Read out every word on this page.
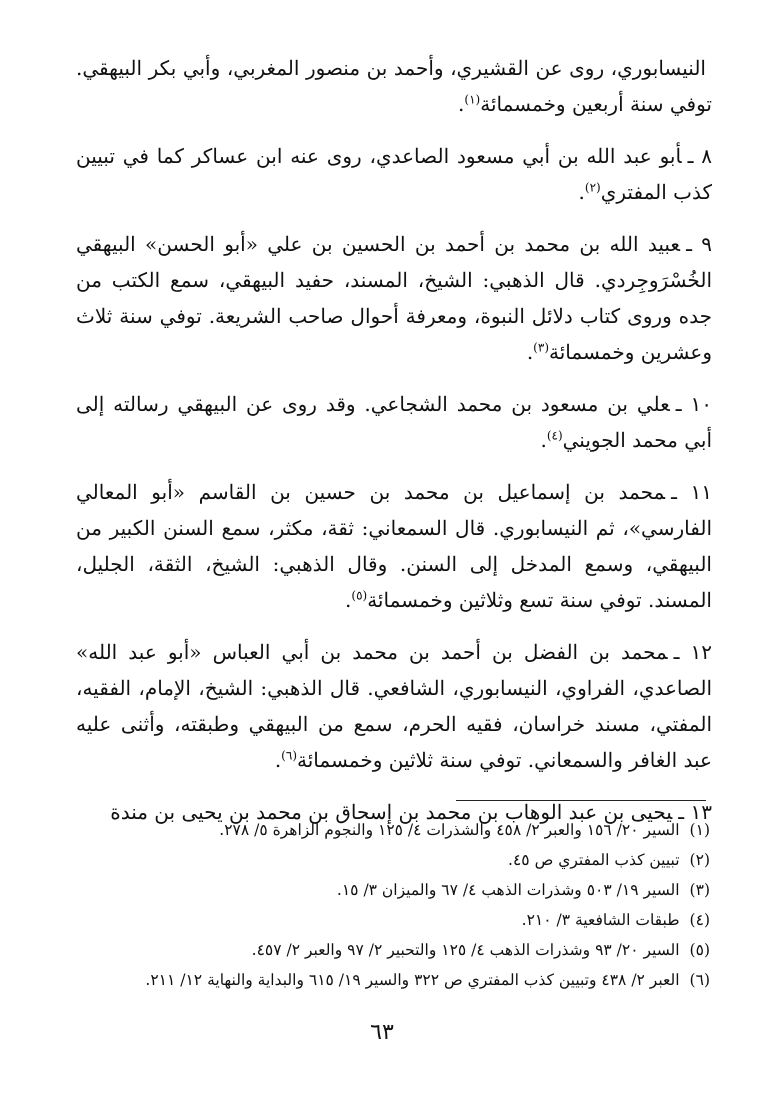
النيسابوري، روى عن القشيري، وأحمد بن منصور المغربي، وأبي بكر البيهقي. توفي سنة أربعين وخمسمائة$^{(١)}$.

٨ ـأبو عبد الله بن أبي مسعود الصاعدي، روى عنه ابن عساكر كما في تبيين كذب المفتري$^{(٢)}$.

٩ ـعبيد الله بن محمد بن أحمد بن الحسين بن علي «أبو الحسن» البيهقي الخُسْرَوجِردي. قال الذهبي: الشيخ، المسند، حفيد البيهقي، سمع الكتب من جده وروى كتاب دلائل النبوة، ومعرفة أحوال صاحب الشريعة. توفي سنة ثلاث وعشرين وخمسمائة$^{(٣)}$.

١٠ ـعلي بن مسعود بن محمد الشجاعي. وقد روى عن البيهقي رسالته إلى أبي محمد الجويني$^{(٤)}$.

١١ ـمحمد بن إسماعيل بن محمد بن حسين بن القاسم «أبو المعالي الفارسي»، ثم النيسابوري. قال السمعاني: ثقة، مكثر، سمع السنن الكبير من البيهقي، وسمع المدخل إلى السنن. وقال الذهبي: الشيخ، الثقة، الجليل، المسند. توفي سنة تسع وثلاثين وخمسمائة$^{(٥)}$.

١٢ ـمحمد بن الفضل بن أحمد بن محمد بن أبي العباس «أبو عبد الله» الصاعدي، الفراوي، النيسابوري، الشافعي. قال الذهبي: الشيخ، الإمام، الفقيه، المفتي، مسند خراسان، فقيه الحرم، سمع من البيهقي وطبقته، وأثنى عليه عبد الغافر والسمعاني. توفي سنة ثلاثين وخمسمائة$^{(٦)}$.

١٣ ـيحيى بن عبد الوهاب بن محمد بن إسحاق بن محمد بن يحيى بن مندة

(١)السير ٢٠/ ١٥٦ والعبر ٢/ ٤٥٨ والشذرات ٤/ ١٢٥ والنجوم الزاهرة ٥/ ٢٧٨.
(٢)تبيين كذب المفتري ص ٤٥.
(٣)السير ١٩/ ٥٠٣ وشذرات الذهب ٤/ ٦٧ والميزان ٣/ ١٥.
(٤)طبقات الشافعية ٣/ ٢١٠.
(٥)السير ٢٠/ ٩٣ وشذرات الذهب ٤/ ١٢٥ والتحبير ٢/ ٩٧ والعبر ٢/ ٤٥٧.
(٦)العبر ٢/ ٤٣٨ وتبيين كذب المفتري ص ٣٢٢ والسير ١٩/ ٦١٥ والبداية والنهاية ١٢/ ٢١١.
٦٣
